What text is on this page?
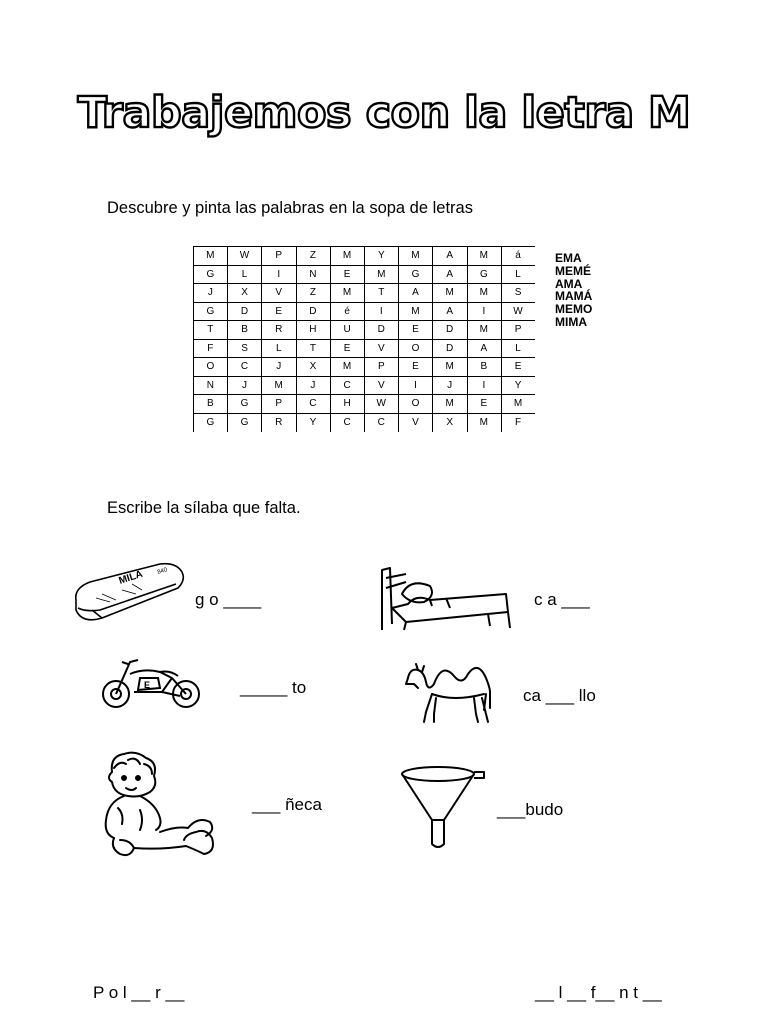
Trabajemos con la letra M
Descubre y pinta las palabras en la sopa de letras
M	W	P	Z	M	Y	M	A	M	á
G	L	I	N	E	M	G	A	G	L
J	X	V	Z	M	T	A	M	M	S
G	D	E	D	é	I	M	A	I	W
T	B	R	H	U	D	E	D	M	P
F	S	L	T	E	V	O	D	A	L
O	C	J	X	M	P	E	M	B	E
N	J	M	J	C	V	I	J	I	Y
B	G	P	C	H	W	O	M	E	M
G	G	R	Y	C	C	V	X	M	F
EMA
MEMÉ
AMA
MAMÁ
MEMO
MIMA
Escribe la sílaba que falta.
MILA 840
g o ____	c a ___
E	_____ to	ca ___ llo
___ ñeca	___budo
P o l __ r __	__ l __ f__ n t __
